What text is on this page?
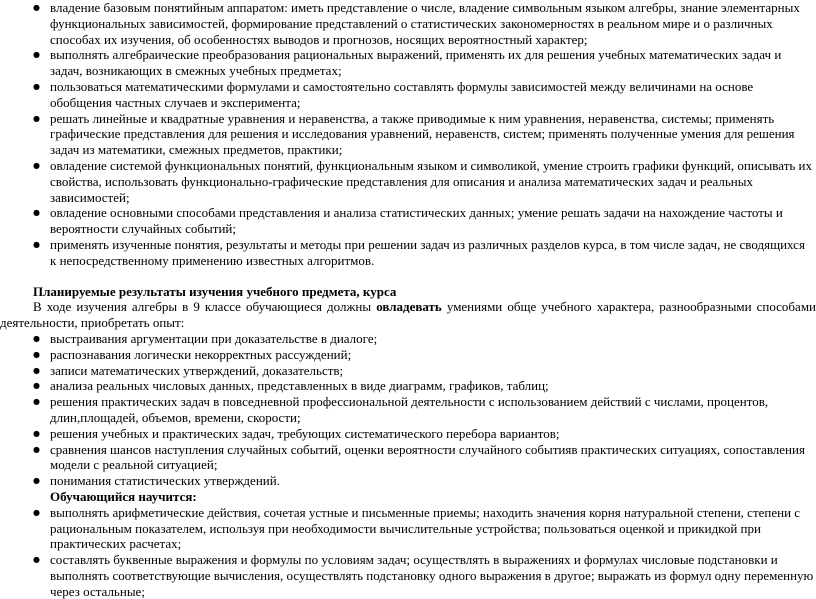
● владение базовым понятийным аппаратом: иметь представление о числе, владение символьным языком алгебры, знание элементарных функциональных зависимостей, формирование представлений о статистических закономерностях в реальном мире и о различных способах их изучения, об особенностях выводов и прогнозов, носящих вероятностный характер;
● выполнять алгебраические преобразования рациональных выражений, применять их для решения учебных математических задач и задач, возникающих в смежных учебных предметах;
● пользоваться математическими формулами и самостоятельно составлять формулы зависимостей между величинами на основе обобщения частных случаев и эксперимента;
● решать линейные и квадратные уравнения и неравенства, а также приводимые к ним уравнения, неравенства, системы; применять графические представления для решения и исследования уравнений, неравенств, систем; применять полученные умения для решения задач из математики, смежных предметов, практики;
● овладение системой функциональных понятий, функциональным языком и символикой, умение строить графики функций, описывать их свойства, использовать функционально-графические представления для описания и анализа математических задач и реальных зависимостей;
● овладение основными способами представления и анализа статистических данных; умение решать задачи на нахождение частоты и вероятности случайных событий;
● применять изученные понятия, результаты и методы при решении задач из различных разделов курса, в том числе задач, не сводящихся к непосредственному применению известных алгоритмов.
Планируемые результаты изучения учебного предмета, курса

В ходе изучения алгебры в 9 классе обучающиеся должны овладевать умениями обще учебного характера, разнообразными способами деятельности, приобретать опыт:

● выстраивания аргументации при доказательстве в диалоге;
● распознавания логически некорректных рассуждений;
● записи математических утверждений, доказательств;
● анализа реальных числовых данных, представленных в виде диаграмм, графиков, таблиц;
● решения практических задач в повседневной профессиональной деятельности с использованием действий с числами, процентов, длин,площадей, объемов, времени, скорости;
● решения учебных и практических задач, требующих систематического перебора вариантов;
● сравнения шансов наступления случайных событий, оценки вероятности случайного событияв практических ситуациях, сопоставления модели с реальной ситуацией;
● понимания статистических утверждений.
Обучающийся научится:
● выполнять арифметические действия, сочетая устные и письменные приемы; находить значения корня натуральной степени, степени с рациональным показателем, используя при необходимости вычислительные устройства; пользоваться оценкой и прикидкой при практических расчетах;
● составлять буквенные выражения и формулы по условиям задач; осуществлять в выражениях и формулах числовые подстановки и выполнять соответствующие вычисления, осуществлять подстановку одного выражения в другое; выражать из формул одну переменную через остальные;
